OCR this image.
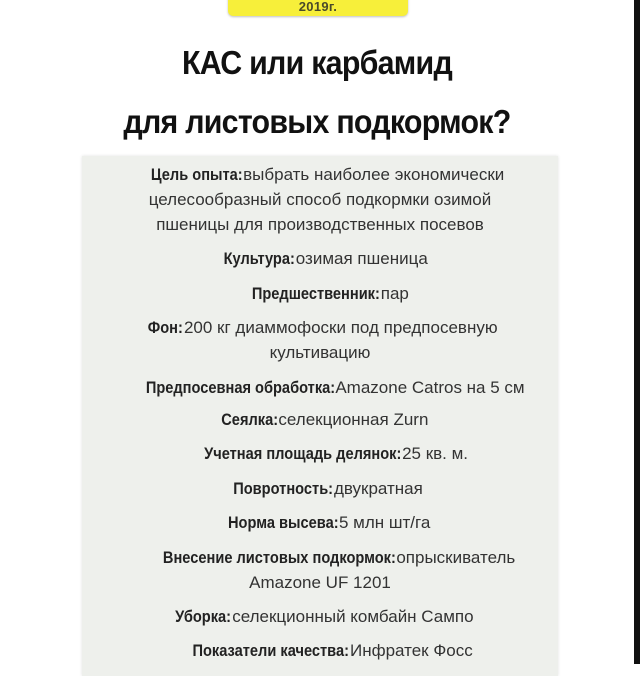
2019г.
КАС или карбамид
для листовых подкормок?
Цель опыта: выбрать наиболее экономически
целесообразный способ подкормки озимой
пшеницы для производственных посевов
Культура: озимая пшеница
Предшественник: пар
Фон: 200 кг диаммофоски под предпосевную
культивацию
Предпосевная обработка: Amazone Catros на 5 см
Сеялка: селекционная Zurn
Учетная площадь делянок: 25 кв. м.
Повротность: двукратная
Норма высева: 5 млн шт/га
Внесение листовых подкормок: опрыскиватель
Amazone UF 1201
Уборка: селекционный комбайн Сампо
Показатели качества: Инфратек Фосс
